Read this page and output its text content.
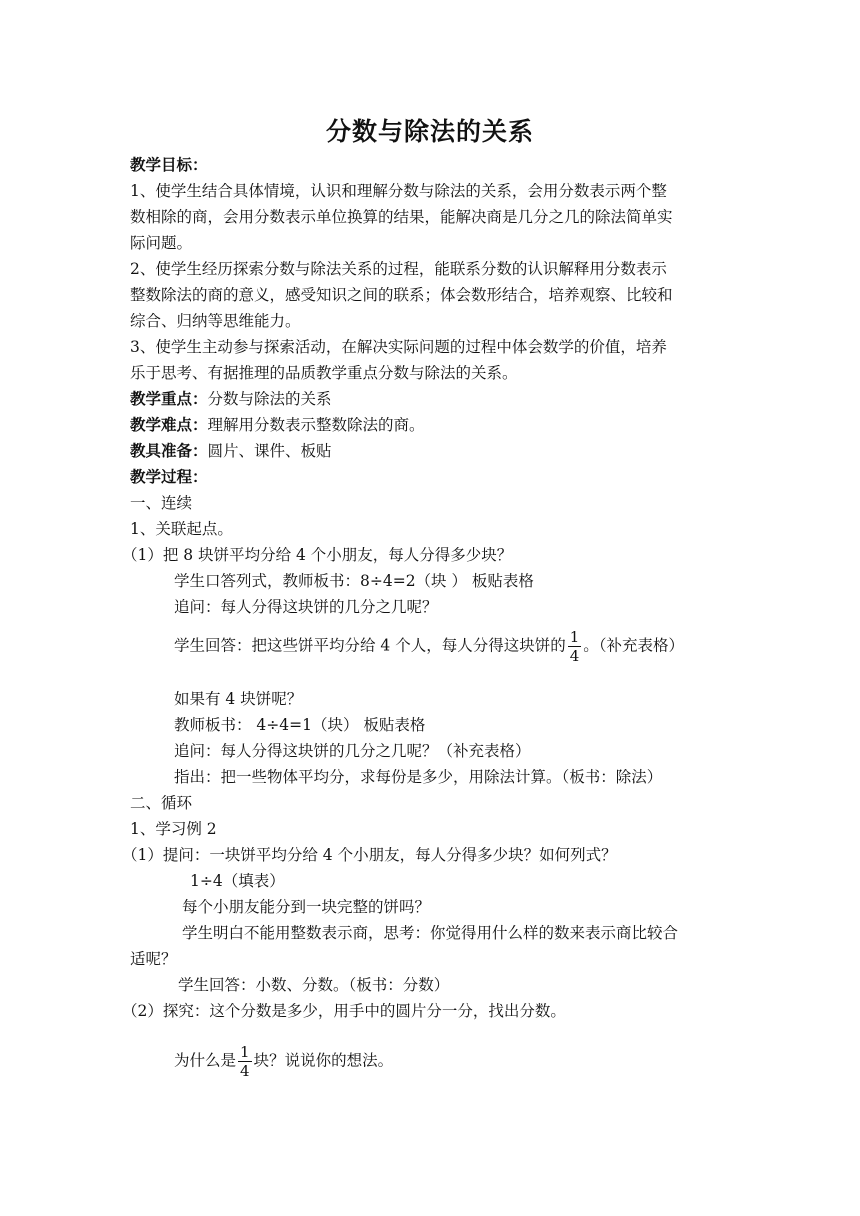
分数与除法的关系
教学目标：
1、使学生结合具体情境，认识和理解分数与除法的关系，会用分数表示两个整
数相除的商，会用分数表示单位换算的结果，能解决商是几分之几的除法简单实
际问题。
2、使学生经历探索分数与除法关系的过程，能联系分数的认识解释用分数表示
整数除法的商的意义，感受知识之间的联系；体会数形结合，培养观察、比较和
综合、归纳等思维能力。
3、使学生主动参与探索活动，在解决实际问题的过程中体会数学的价值，培养
乐于思考、有据推理的品质教学重点分数与除法的关系。
教学重点：分数与除法的关系
教学难点：理解用分数表示整数除法的商。
教具准备：圆片、课件、板贴
教学过程：
一、连续
1、关联起点。
（1）把 8 块饼平均分给 4 个小朋友，每人分得多少块？
学生口答列式，教师板书：8÷4=2（块 ） 板贴表格
追问：每人分得这块饼的几分之几呢？
学生回答：把这些饼平均分给 4 个人，每人分得这块饼的 $\frac{1}{4}$ 。（补充表格）
如果有 4 块饼呢？
教师板书： 4÷4=1（块） 板贴表格
追问：每人分得这块饼的几分之几呢？（补充表格）
指出：把一些物体平均分，求每份是多少，用除法计算。（板书：除法）
二、循环
1、学习例 2
（1）提问：一块饼平均分给 4 个小朋友，每人分得多少块？如何列式？
1÷4（填表）
每个小朋友能分到一块完整的饼吗？
学生明白不能用整数表示商，思考：你觉得用什么样的数来表示商比较合
适呢？
学生回答：小数、分数。（板书：分数）
（2）探究：这个分数是多少，用手中的圆片分一分，找出分数。
为什么是 $\frac{1}{4}$ 块？说说你的想法。
